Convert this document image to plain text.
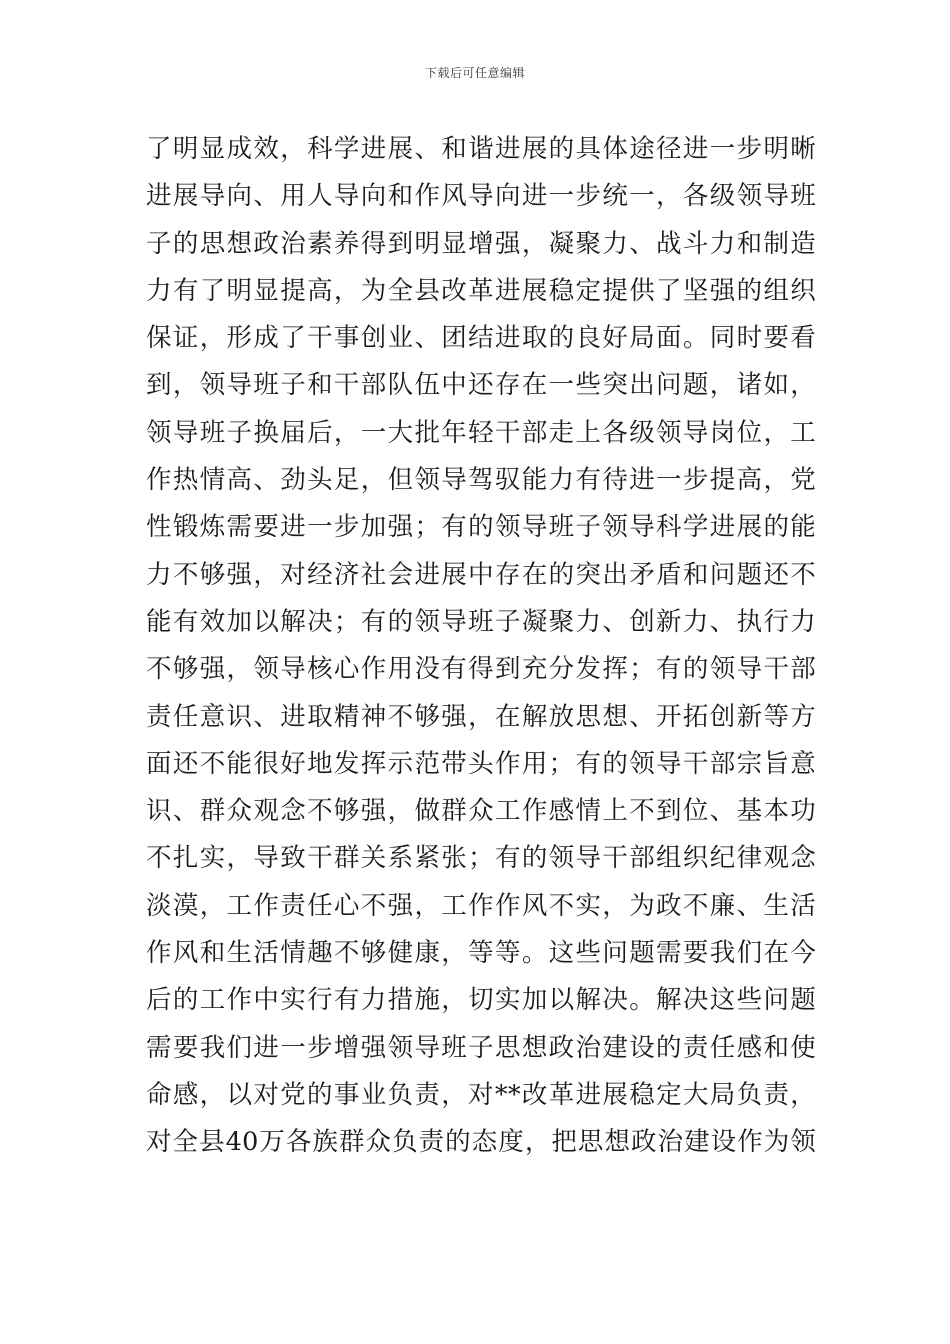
下载后可任意编辑
了明显成效，科学进展、和谐进展的具体途径进一步明晰
进展导向、用人导向和作风导向进一步统一，各级领导班
子的思想政治素养得到明显增强，凝聚力、战斗力和制造
力有了明显提高，为全县改革进展稳定提供了坚强的组织
保证，形成了干事创业、团结进取的良好局面。同时要看
到，领导班子和干部队伍中还存在一些突出问题，诸如，
领导班子换届后，一大批年轻干部走上各级领导岗位，工
作热情高、劲头足，但领导驾驭能力有待进一步提高，党
性锻炼需要进一步加强；有的领导班子领导科学进展的能
力不够强，对经济社会进展中存在的突出矛盾和问题还不
能有效加以解决；有的领导班子凝聚力、创新力、执行力
不够强，领导核心作用没有得到充分发挥；有的领导干部
责任意识、进取精神不够强，在解放思想、开拓创新等方
面还不能很好地发挥示范带头作用；有的领导干部宗旨意
识、群众观念不够强，做群众工作感情上不到位、基本功
不扎实，导致干群关系紧张；有的领导干部组织纪律观念
淡漠，工作责任心不强，工作作风不实，为政不廉、生活
作风和生活情趣不够健康，等等。这些问题需要我们在今
后的工作中实行有力措施，切实加以解决。解决这些问题
需要我们进一步增强领导班子思想政治建设的责任感和使
命感，以对党的事业负责，对**改革进展稳定大局负责，
对全县40万各族群众负责的态度，把思想政治建设作为领
